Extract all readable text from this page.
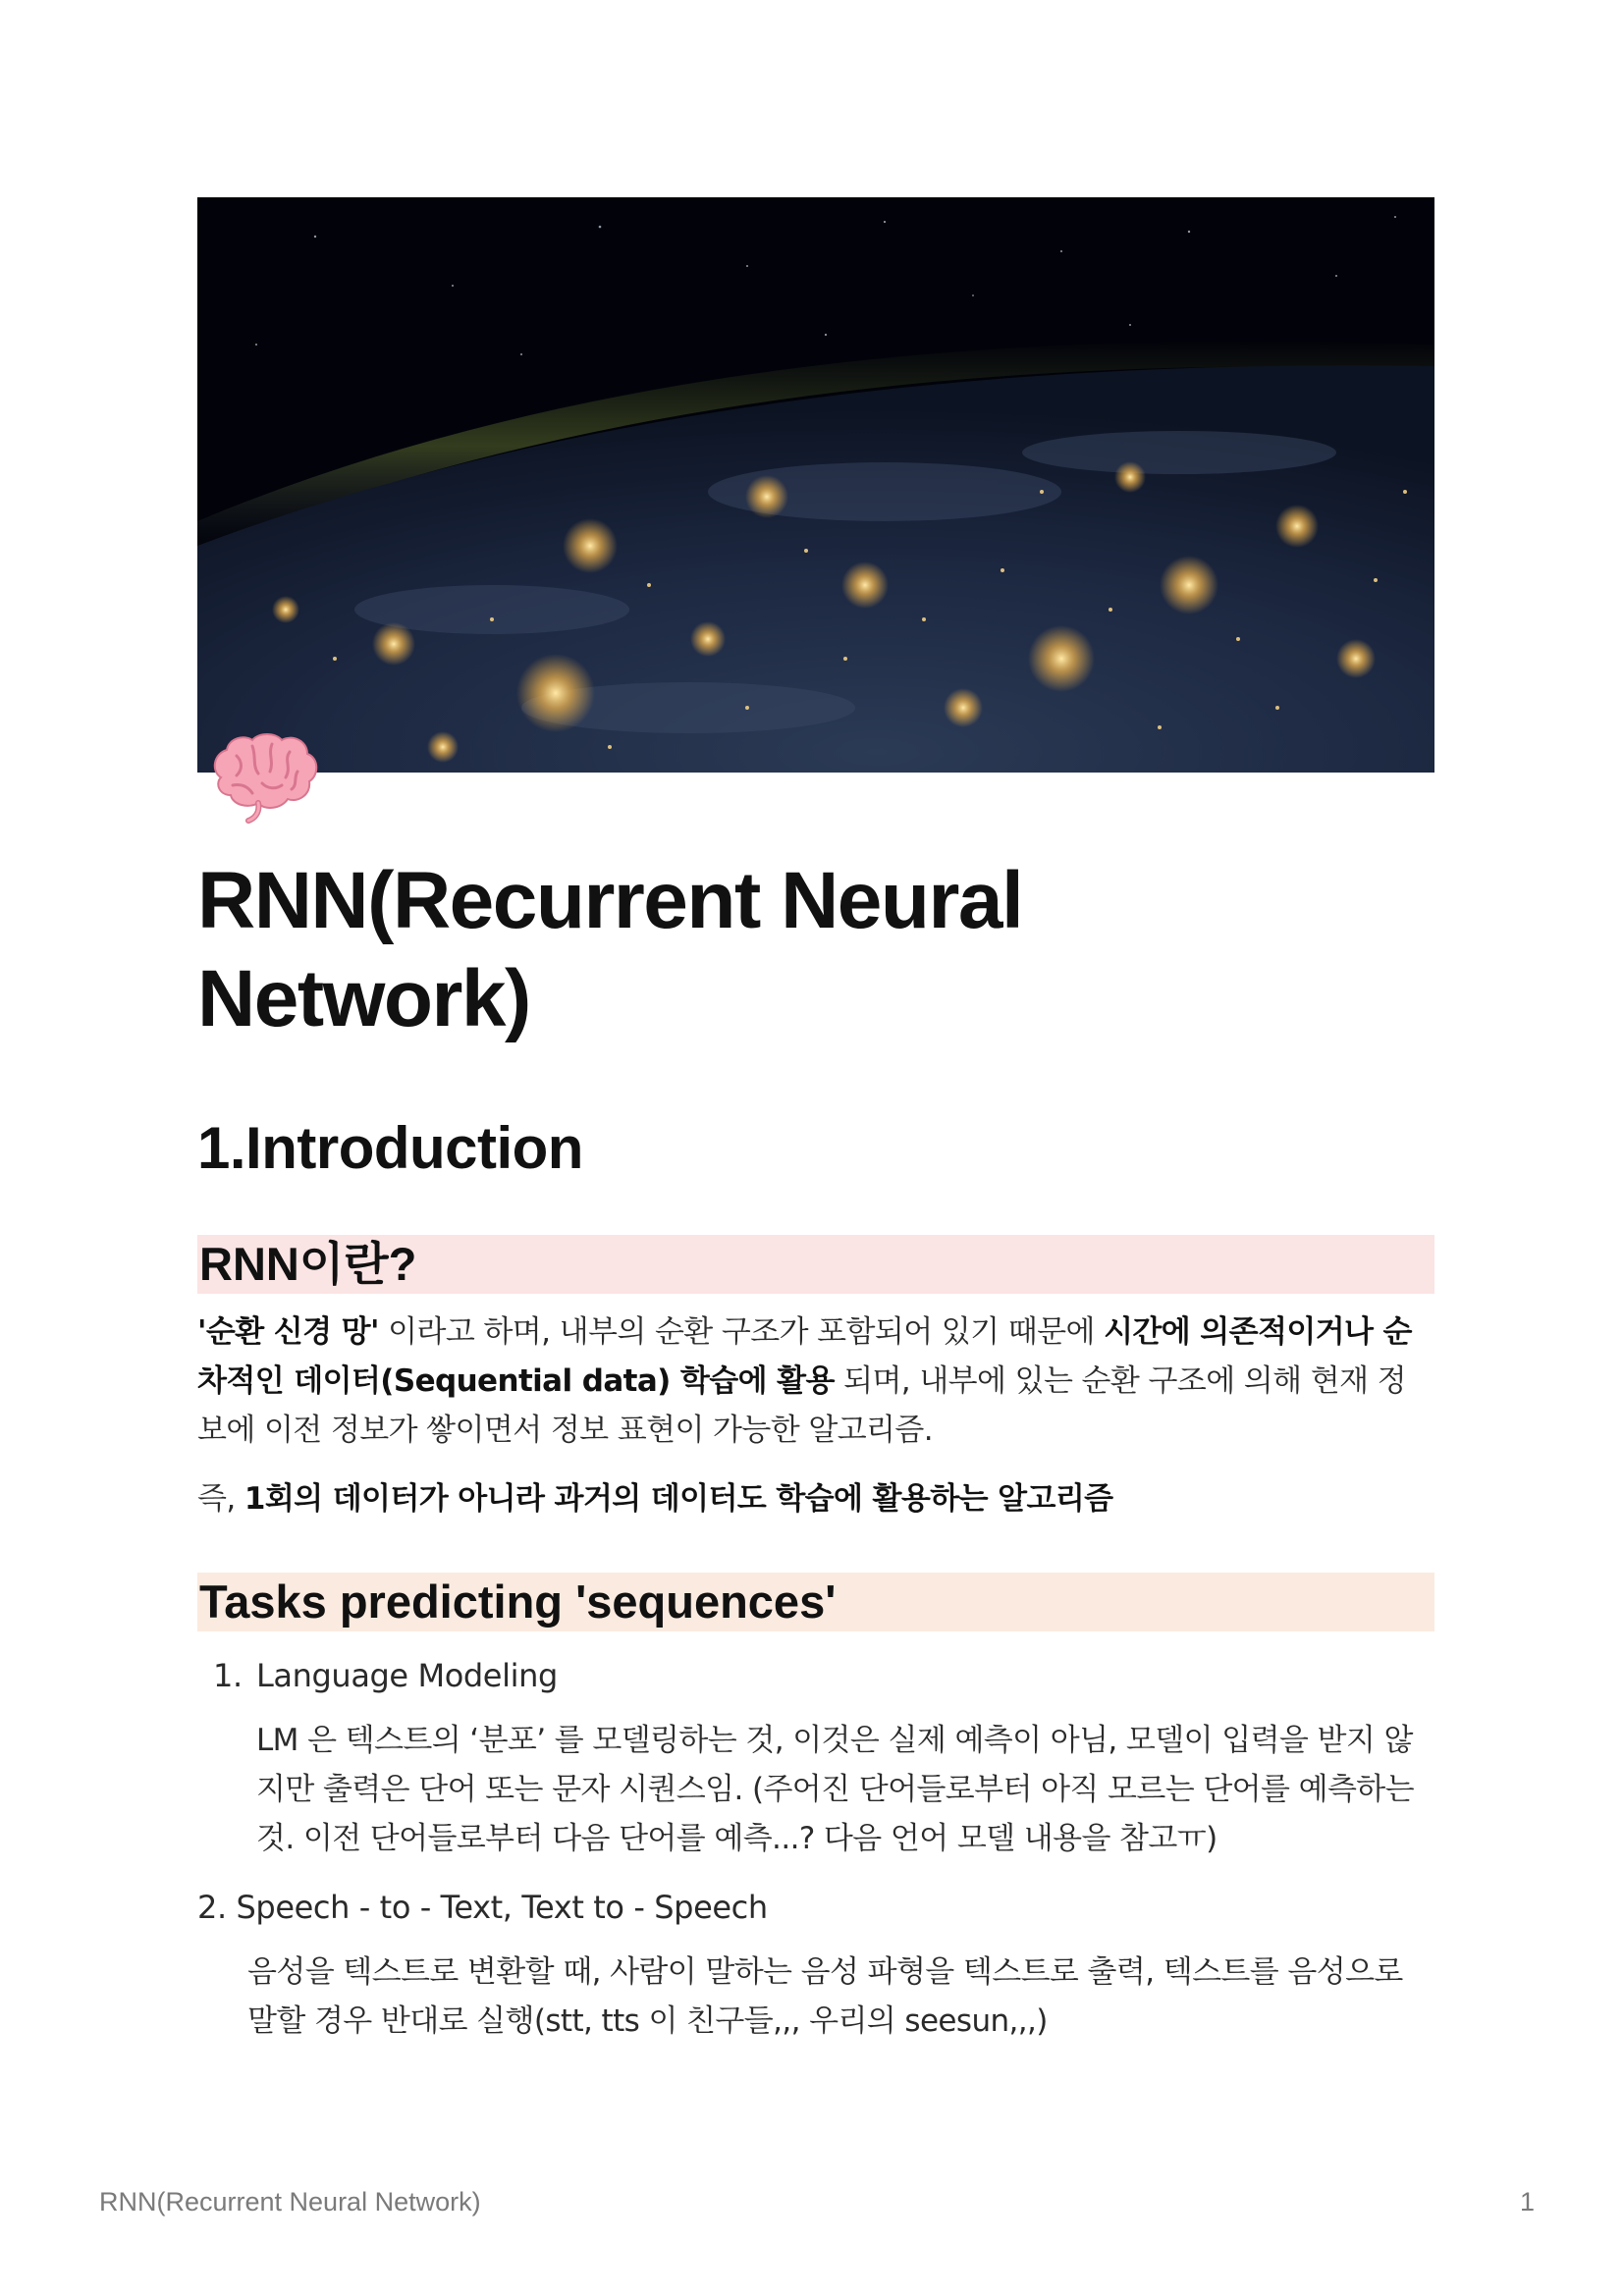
RNN(Recurrent Neural
Network)
1.Introduction
RNN이란?

'순환 신경 망' 이라고 하며, 내부의 순환 구조가 포함되어 있기 때문에 시간에 의존적이거나 순차적인 데이터(Sequential data) 학습에 활용 되며, 내부에 있는 순환 구조에 의해 현재 정보에 이전 정보가 쌓이면서 정보 표현이 가능한 알고리즘.

즉, 1회의 데이터가 아니라 과거의 데이터도 학습에 활용하는 알고리즘

Tasks predicting 'sequences'

1. Language Modeling

LM 은 텍스트의 ‘분포’ 를 모델링하는 것, 이것은 실제 예측이 아님, 모델이 입력을 받지 않지만 출력은 단어 또는 문자 시퀀스임. (주어진 단어들로부터 아직 모르는 단어를 예측하는 것. 이전 단어들로부터 다음 단어를 예측...? 다음 언어 모델 내용을 참고ㅠ)

2. Speech - to - Text, Text to - Speech

음성을 텍스트로 변환할 때, 사람이 말하는 음성 파형을 텍스트로 출력, 텍스트를 음성으로 말할 경우 반대로 실행(stt, tts 이 친구들,,, 우리의 seesun,,,)

RNN(Recurrent Neural Network)	1
